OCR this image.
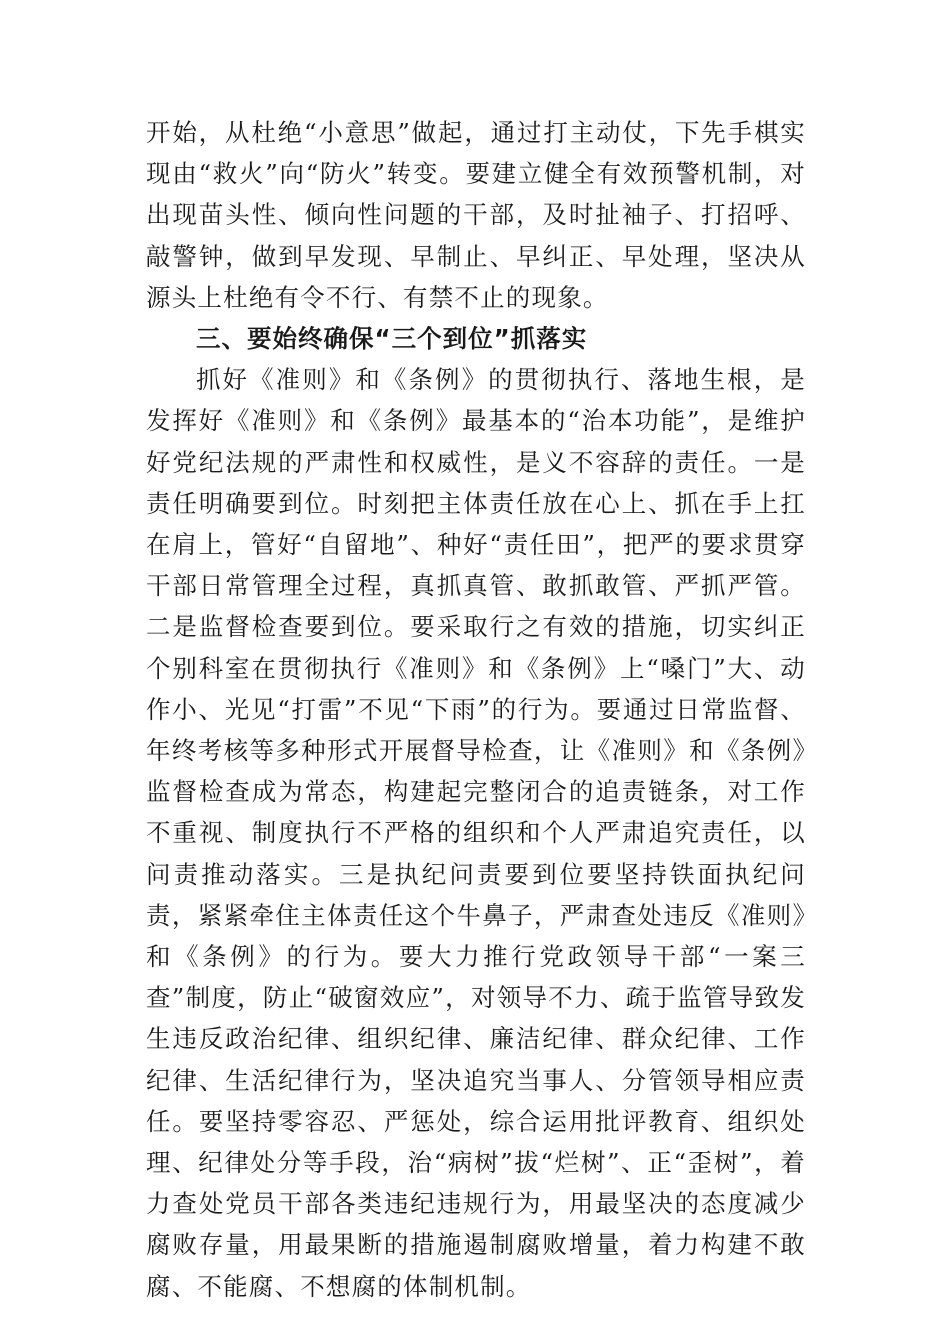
开始，从杜绝“小意思”做起，通过打主动仗，下先手棋实现由“救火”向“防火”转变。要建立健全有效预警机制，对出现苗头性、倾向性问题的干部，及时扯袖子、打招呼、敲警钟，做到早发现、早制止、早纠正、早处理，坚决从源头上杜绝有令不行、有禁不止的现象。

三、要始终确保“三个到位”抓落实

抓好《准则》和《条例》的贯彻执行、落地生根，是发挥好《准则》和《条例》最基本的“治本功能”，是维护好党纪法规的严肃性和权威性，是义不容辞的责任。一是责任明确要到位。时刻把主体责任放在心上、抓在手上扛在肩上，管好“自留地”、种好“责任田”，把严的要求贯穿干部日常管理全过程，真抓真管、敢抓敢管、严抓严管。二是监督检查要到位。要采取行之有效的措施，切实纠正个别科室在贯彻执行《准则》和《条例》上“嗓门”大、动作小、光见“打雷”不见“下雨”的行为。要通过日常监督、年终考核等多种形式开展督导检查，让《准则》和《条例》监督检查成为常态，构建起完整闭合的追责链条，对工作不重视、制度执行不严格的组织和个人严肃追究责任，以问责推动落实。三是执纪问责要到位要坚持铁面执纪问责，紧紧牵住主体责任这个牛鼻子，严肃查处违反《准则》和《条例》的行为。要大力推行党政领导干部“一案三查”制度，防止“破窗效应”，对领导不力、疏于监管导致发生违反政治纪律、组织纪律、廉洁纪律、群众纪律、工作纪律、生活纪律行为，坚决追究当事人、分管领导相应责任。要坚持零容忍、严惩处，综合运用批评教育、组织处理、纪律处分等手段，治“病树”拔“烂树”、正“歪树”，着力查处党员干部各类违纪违规行为，用最坚决的态度减少腐败存量，用最果断的措施遏制腐败增量，着力构建不敢腐、不能腐、不想腐的体制机制。
